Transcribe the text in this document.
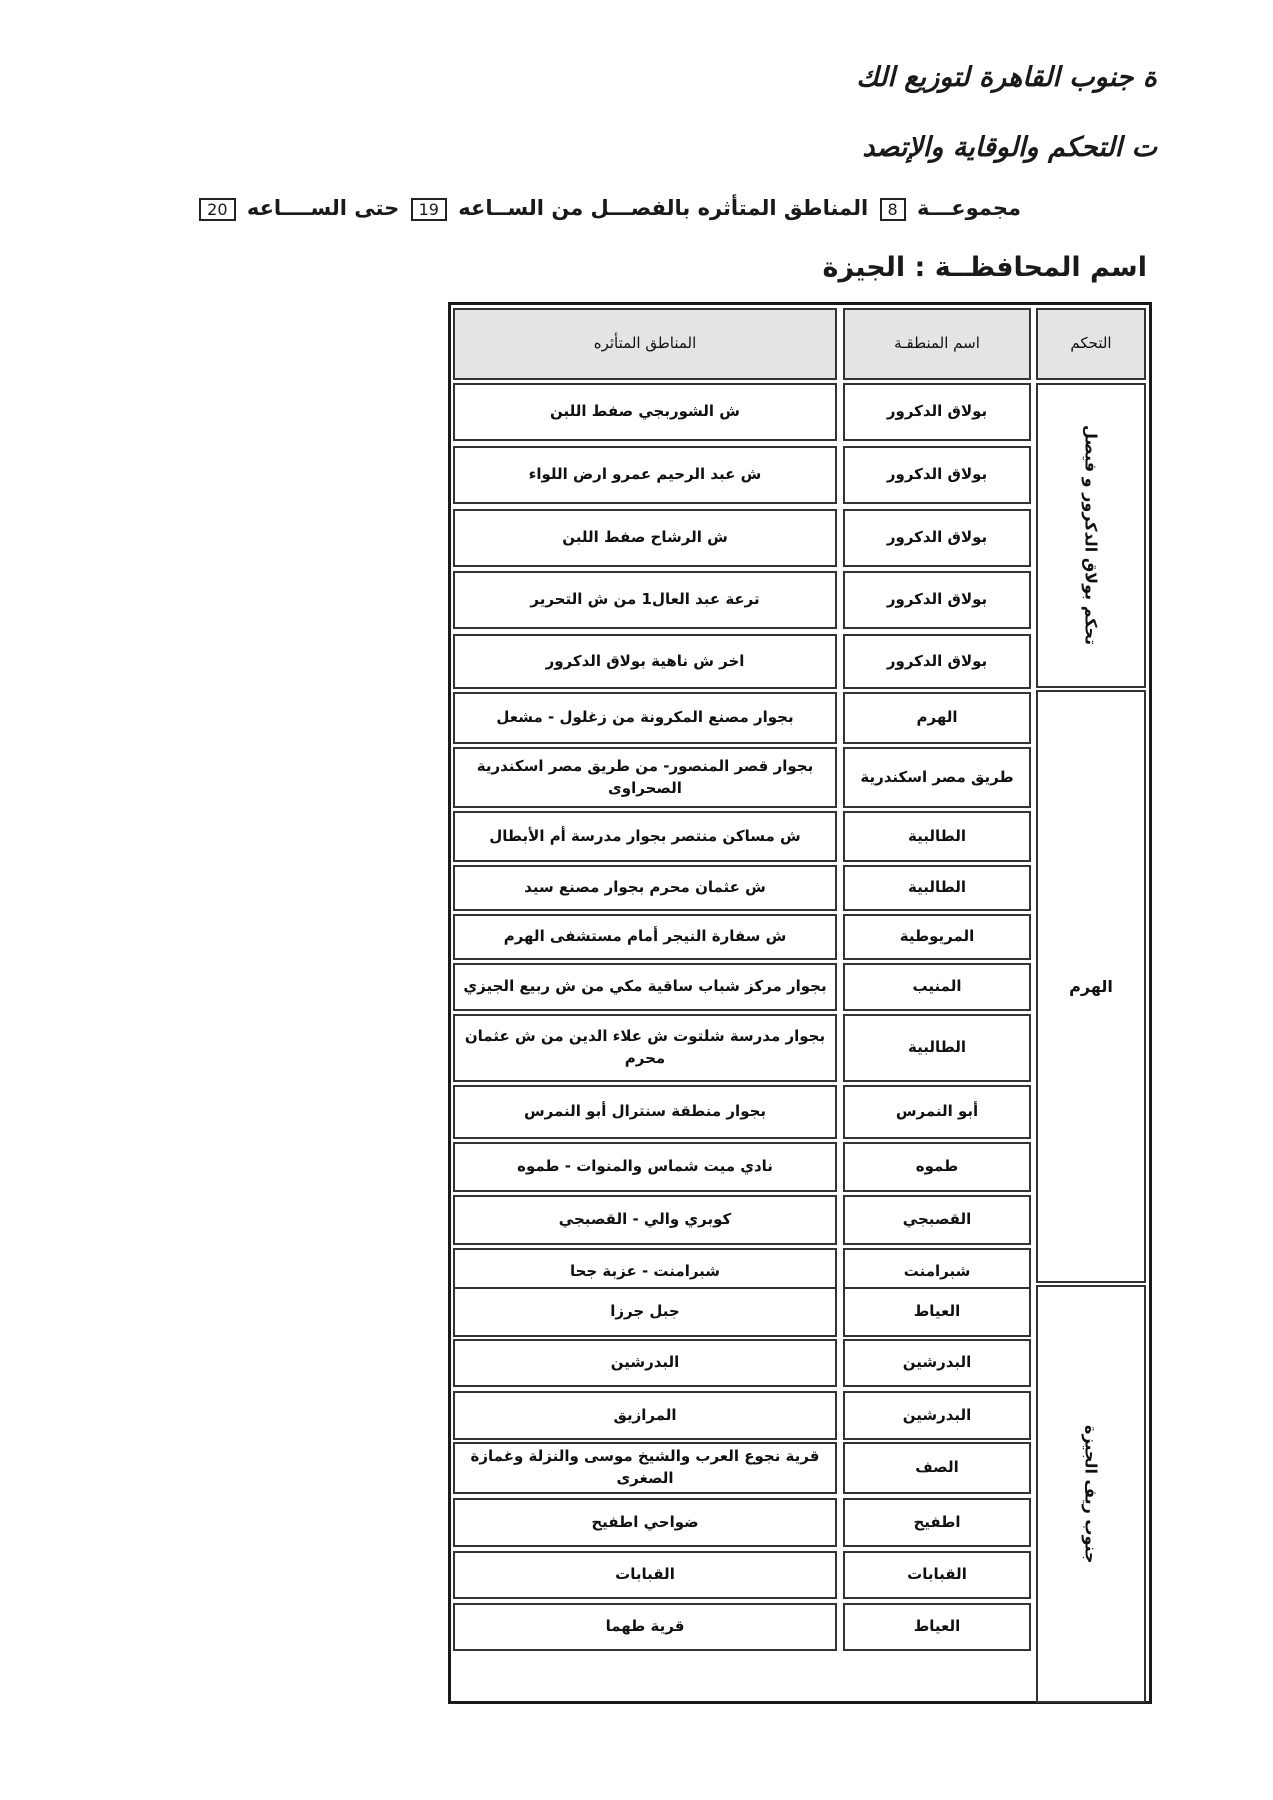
ة جنوب القاهرة لتوزيع الك
ت التحكم والوقاية والإتصد
مجموعـــة 8 المناطق المتأثره بالفصـــل من الســاعه 19 حتى الســــاعه 20
اسم المحافظــة : الجيزة
التحكم
اسم المنطقـة
المناطق المتأثره
تحكم بولاق الدكرور و فيصل
الهرم
جنوب ريف الجيزة
بولاق الدكرور
ش الشوربجي صفط اللبن
بولاق الدكرور
ش عبد الرحيم عمرو ارض اللواء
بولاق الدكرور
ش الرشاح صفط اللبن
بولاق الدكرور
ترعة عبد العال1 من ش التحرير
بولاق الدكرور
اخر ش ناهية بولاق الدكرور
الهرم
بجوار مصنع المكرونة من زغلول - مشعل
طريق مصر اسكندرية
بجوار قصر المنصور- من طريق مصر اسكندرية الصحراوى
الطالبية
ش مساكن منتصر بجوار مدرسة أم الأبطال
الطالبية
ش عثمان محرم بجوار مصنع سيد
المريوطية
ش سفارة النيجر أمام مستشفى الهرم
المنيب
بجوار مركز شباب ساقية مكي من ش ربيع الجيزي
الطالبية
بجوار مدرسة شلتوت ش علاء الدين من ش عثمان محرم
أبو النمرس
بجوار منطقة سنترال أبو النمرس
طموه
نادي ميت شماس والمنوات - طموه
القصبجي
كوبري والي - القصبجي
شبرامنت
شبرامنت - عزبة جحا
العياط
جبل جرزا
البدرشين
البدرشين
البدرشين
المرازيق
الصف
قرية نجوع العرب والشيخ موسى والنزلة وغمازة الصغرى
اطفيح
ضواحي اطفيح
القبابات
القبابات
العياط
قرية طهما
